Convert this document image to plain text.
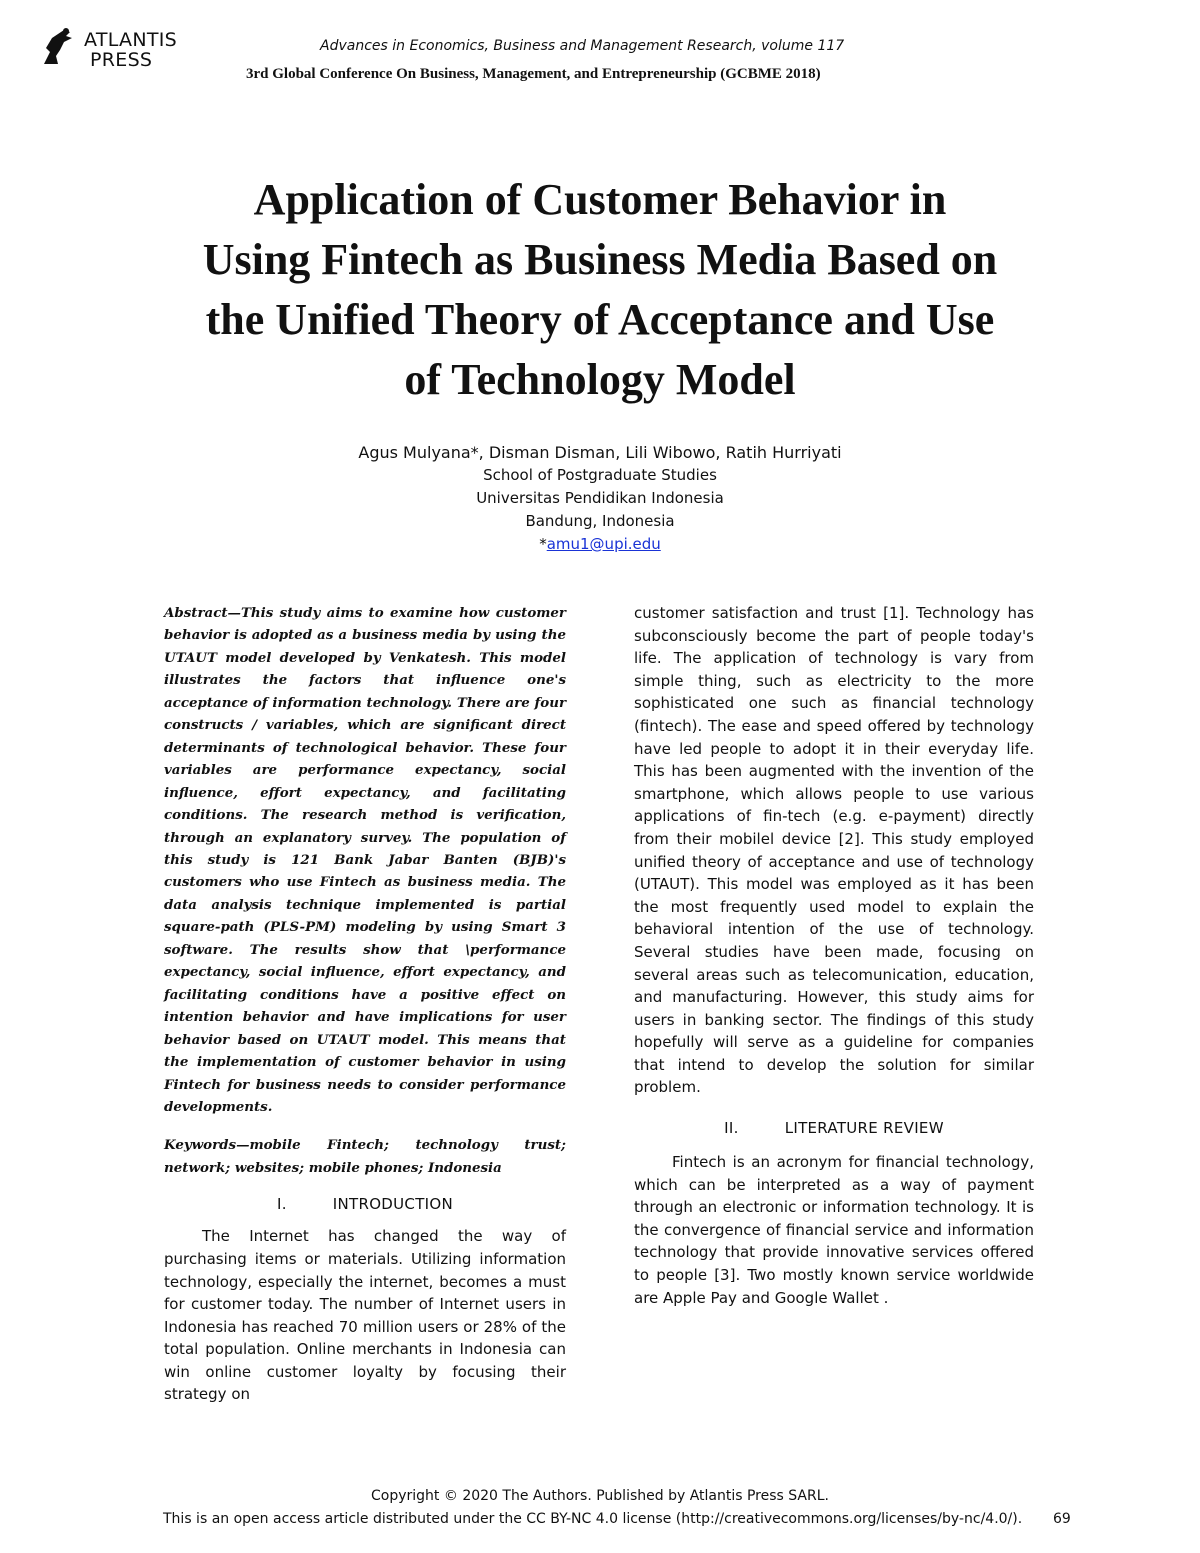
ATLANTIS
PRESS
Advances in Economics, Business and Management Research, volume 117
3rd Global Conference On Business, Management, and Entrepreneurship (GCBME 2018)
Application of Customer Behavior in
Using Fintech as Business Media Based on
the Unified Theory of Acceptance and Use
of Technology Model
Agus Mulyana*, Disman Disman, Lili Wibowo, Ratih Hurriyati
School of Postgraduate Studies
Universitas Pendidikan Indonesia
Bandung, Indonesia
*amu1@upi.edu

Abstract—This study aims to examine how customer behavior is adopted as a business media by using the UTAUT model developed by Venkatesh. This model illustrates the factors that influence one's acceptance of information technology. There are four constructs / variables, which are significant direct determinants of technological behavior. These four variables are performance expectancy, social influence, effort expectancy, and facilitating conditions. The research method is verification, through an explanatory survey. The population of this study is 121 Bank Jabar Banten (BJB)'s customers who use Fintech as business media. The data analysis technique implemented is partial square-path (PLS-PM) modeling by using Smart 3 software. The results show that \performance expectancy, social influence, effort expectancy, and facilitating conditions have a positive effect on intention behavior and have implications for user behavior based on UTAUT model. This means that the implementation of customer behavior in using Fintech for business needs to consider performance developments.

Keywords—mobile Fintech; technology trust; network; websites; mobile phones; Indonesia

I.	INTRODUCTION

The Internet has changed the way of purchasing items or materials. Utilizing information technology, especially the internet, becomes a must for customer today. The number of Internet users in Indonesia has reached 70 million users or 28% of the total population. Online merchants in Indonesia can win online customer loyalty by focusing their strategy on

customer satisfaction and trust [1]. Technology has subconsciously become the part of people today's life. The application of technology is vary from simple thing, such as electricity to the more sophisticated one such as financial technology (fintech). The ease and speed offered by technology have led people to adopt it in their everyday life. This has been augmented with the invention of the smartphone, which allows people to use various applications of fin-tech (e.g. e-payment) directly from their mobilel device [2]. This study employed unified theory of acceptance and use of technology (UTAUT). This model was employed as it has been the most frequently used model to explain the behavioral intention of the use of technology. Several studies have been made, focusing on several areas such as telecomunication, education, and manufacturing. However, this study aims for users in banking sector. The findings of this study hopefully will serve as a guideline for companies that intend to develop the solution for similar problem.

II.	LITERATURE REVIEW

Fintech is an acronym for financial technology, which can be interpreted as a way of payment through an electronic or information technology. It is the convergence of financial service and information technology that provide innovative services offered to people [3]. Two mostly known service worldwide are Apple Pay and Google Wallet .

Copyright © 2020 The Authors. Published by Atlantis Press SARL.
This is an open access article distributed under the CC BY-NC 4.0 license (http://creativecommons.org/licenses/by-nc/4.0/). 69
